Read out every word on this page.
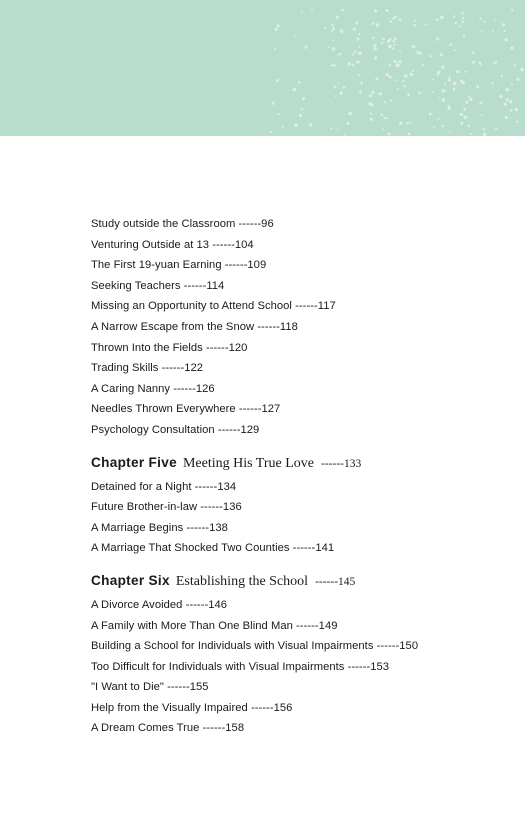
Study outside the Classroom ------96
Venturing Outside at 13 ------104
The First 19-yuan Earning ------109
Seeking Teachers ------114
Missing an Opportunity to Attend School ------117
A Narrow Escape from the Snow ------118
Thrown Into the Fields ------120
Trading Skills ------122
A Caring Nanny ------126
Needles Thrown Everywhere ------127
Psychology Consultation ------129
Chapter Five Meeting His True Love ------133
Detained for a Night ------134
Future Brother-in-law ------136
A Marriage Begins ------138
A Marriage That Shocked Two Counties ------141
Chapter Six Establishing the School ------145
A Divorce Avoided ------146
A Family with More Than One Blind Man ------149
Building a School for Individuals with Visual Impairments ------150
Too Difficult for Individuals with Visual Impairments ------153
"I Want to Die" ------155
Help from the Visually Impaired ------156
A Dream Comes True ------158
